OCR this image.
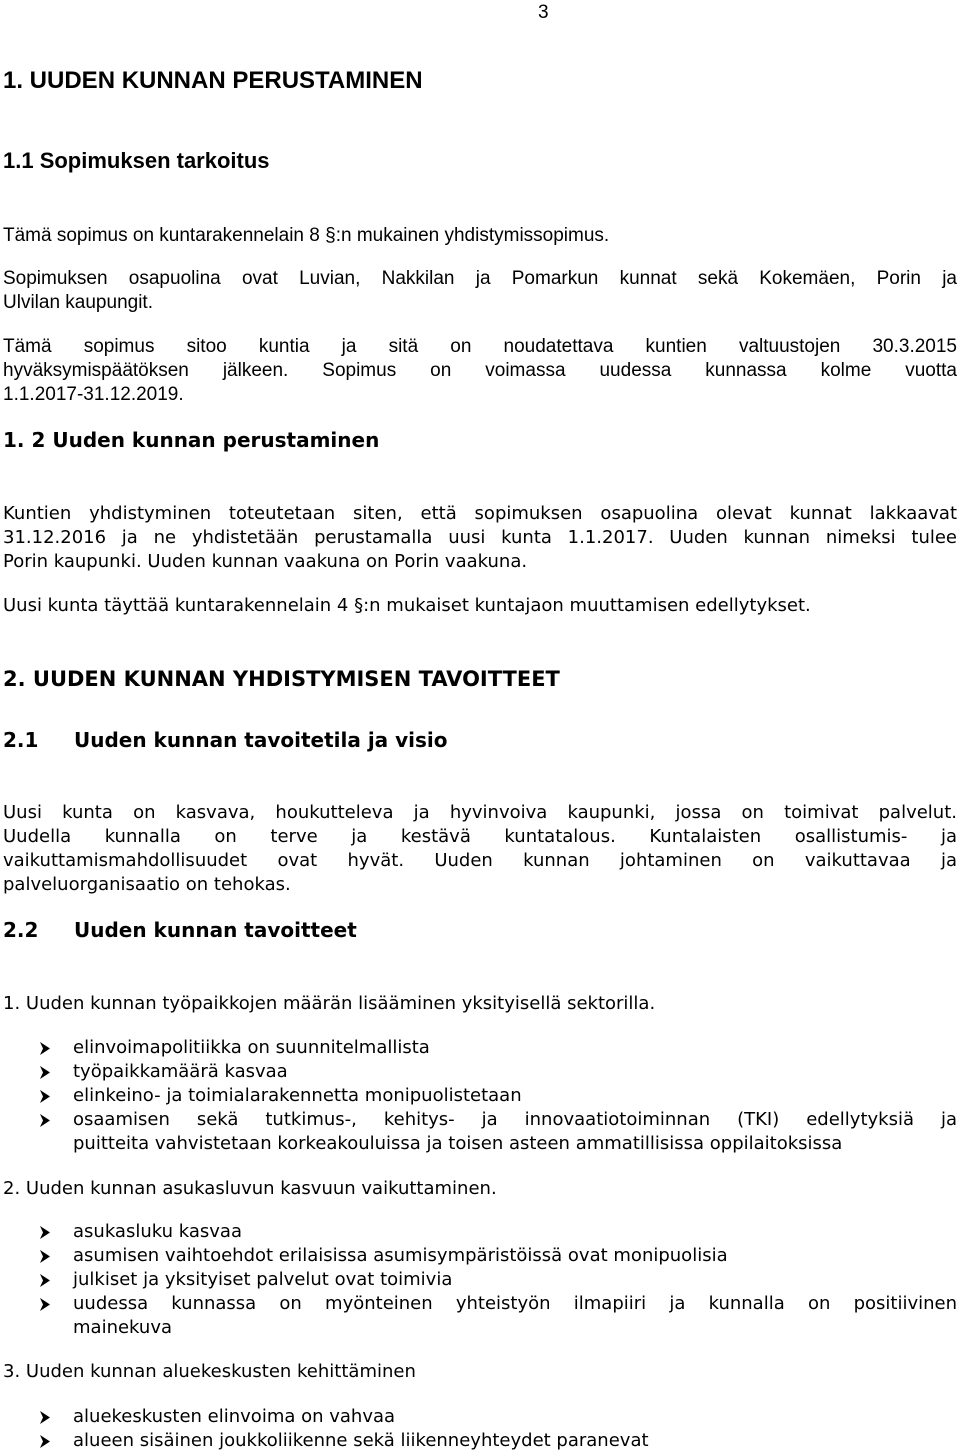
3
1. UUDEN KUNNAN PERUSTAMINEN
1.1 Sopimuksen tarkoitus
Tämä sopimus on kuntarakennelain 8 §:n mukainen yhdistymissopimus.
Sopimuksen osapuolina ovat Luvian, Nakkilan ja Pomarkun kunnat sekä Kokemäen, Porin ja
Ulvilan kaupungit.
Tämä sopimus sitoo kuntia ja sitä on noudatettava kuntien valtuustojen 30.3.2015
hyväksymispäätöksen jälkeen. Sopimus on voimassa uudessa kunnassa kolme vuotta
1.1.2017-31.12.2019.
1. 2 Uuden kunnan perustaminen
Kuntien yhdistyminen toteutetaan siten, että sopimuksen osapuolina olevat kunnat lakkaavat
31.12.2016 ja ne yhdistetään perustamalla uusi kunta 1.1.2017. Uuden kunnan nimeksi tulee
Porin kaupunki. Uuden kunnan vaakuna on Porin vaakuna.
Uusi kunta täyttää kuntarakennelain 4 §:n mukaiset kuntajaon muuttamisen edellytykset.
2. UUDEN KUNNAN YHDISTYMISEN TAVOITTEET
2.1 Uuden kunnan tavoitetila ja visio
Uusi kunta on kasvava, houkutteleva ja hyvinvoiva kaupunki, jossa on toimivat palvelut.
Uudella kunnalla on terve ja kestävä kuntatalous. Kuntalaisten osallistumis- ja
vaikuttamismahdollisuudet ovat hyvät. Uuden kunnan johtaminen on vaikuttavaa ja
palveluorganisaatio on tehokas.
2.2 Uuden kunnan tavoitteet
1. Uuden kunnan työpaikkojen määrän lisääminen yksityisellä sektorilla.
elinvoimapolitiikka on suunnitelmallista
työpaikkamäärä kasvaa
elinkeino- ja toimialarakennetta monipuolistetaan
osaamisen sekä tutkimus-, kehitys- ja innovaatiotoiminnan (TKI) edellytyksiä ja
puitteita vahvistetaan korkeakouluissa ja toisen asteen ammatillisissa oppilaitoksissa
2. Uuden kunnan asukasluvun kasvuun vaikuttaminen.
asukasluku kasvaa
asumisen vaihtoehdot erilaisissa asumisympäristöissä ovat monipuolisia
julkiset ja yksityiset palvelut ovat toimivia
uudessa kunnassa on myönteinen yhteistyön ilmapiiri ja kunnalla on positiivinen
mainekuva
3. Uuden kunnan aluekeskusten kehittäminen
aluekeskusten elinvoima on vahvaa
alueen sisäinen joukkoliikenne sekä liikenneyhteydet paranevat
